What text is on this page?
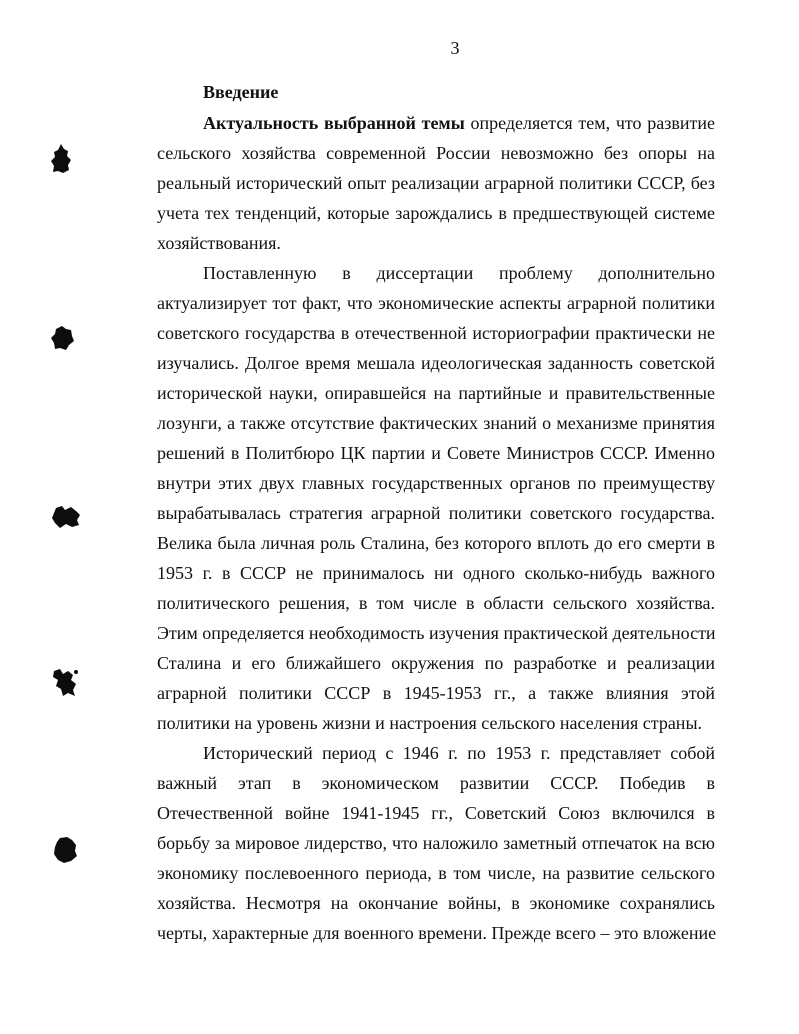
3
Введение
Актуальность выбранной темы определяется тем, что развитие
сельского хозяйства современной России невозможно без опоры на
реальный исторический опыт реализации аграрной политики СССР, без
учета тех тенденций, которые зарождались в предшествующей системе
хозяйствования.
Поставленную в диссертации проблему дополнительно
актуализирует тот факт, что экономические аспекты аграрной политики
советского государства в отечественной историографии практически не
изучались. Долгое время мешала идеологическая заданность советской
исторической науки, опиравшейся на партийные и правительственные
лозунги, а также отсутствие фактических знаний о механизме принятия
решений в Политбюро ЦК партии и Совете Министров СССР. Именно
внутри этих двух главных государственных органов по преимуществу
вырабатывалась стратегия аграрной политики советского государства.
Велика была личная роль Сталина, без которого вплоть до его смерти в
1953 г. в СССР не принималось ни одного сколько-нибудь важного
политического решения, в том числе в области сельского хозяйства.
Этим определяется необходимость изучения практической деятельности
Сталина и его ближайшего окружения по разработке и реализации
аграрной политики СССР в 1945-1953 гг., а также влияния этой
политики на уровень жизни и настроения сельского населения страны.
Исторический период с 1946 г. по 1953 г. представляет собой
важный этап в экономическом развитии СССР. Победив в
Отечественной войне 1941-1945 гг., Советский Союз включился в
борьбу за мировое лидерство, что наложило заметный отпечаток на всю
экономику послевоенного периода, в том числе, на развитие сельского
хозяйства. Несмотря на окончание войны, в экономике сохранялись
черты, характерные для военного времени. Прежде всего – это вложение
